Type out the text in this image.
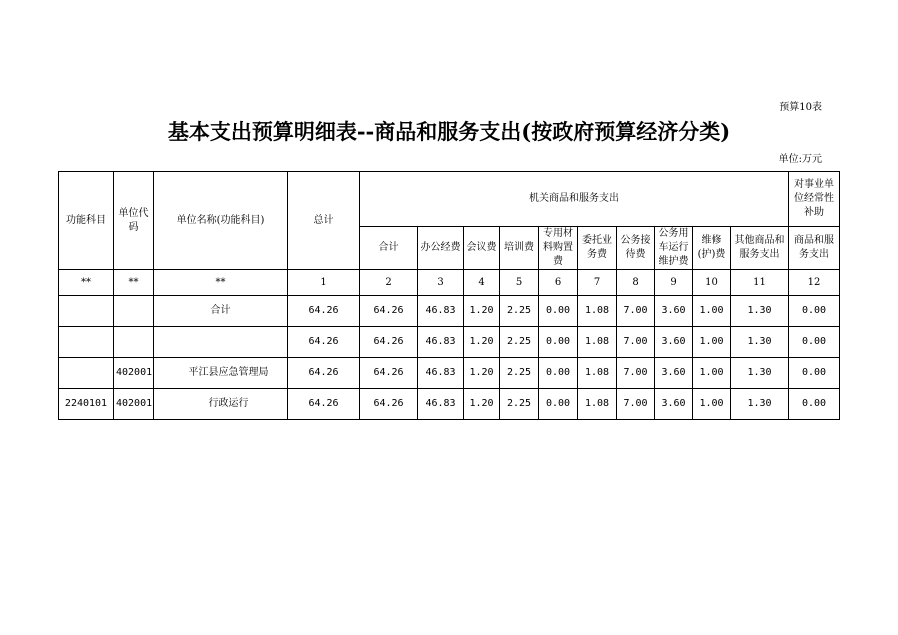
预算10表
基本支出预算明细表--商品和服务支出(按政府预算经济分类)
单位:万元
功能科目	单位代码	单位名称(功能科目)	总计	机关商品和服务支出										对事业单位经常性补助
				合计	办公经费	会议费	培训费	专用材料购置费	委托业务费	公务接待费	公务用车运行维护费	维修(护)费	其他商品和服务支出	商品和服务支出
**	**	**	1	2	3	4	5	6	7	8	9	10	11	12
		合计	64.26	64.26	46.83	1.20	2.25	0.00	1.08	7.00	3.60	1.00	1.30	0.00
			64.26	64.26	46.83	1.20	2.25	0.00	1.08	7.00	3.60	1.00	1.30	0.00
	402001	平江县应急管理局	64.26	64.26	46.83	1.20	2.25	0.00	1.08	7.00	3.60	1.00	1.30	0.00
2240101	402001	行政运行	64.26	64.26	46.83	1.20	2.25	0.00	1.08	7.00	3.60	1.00	1.30	0.00
